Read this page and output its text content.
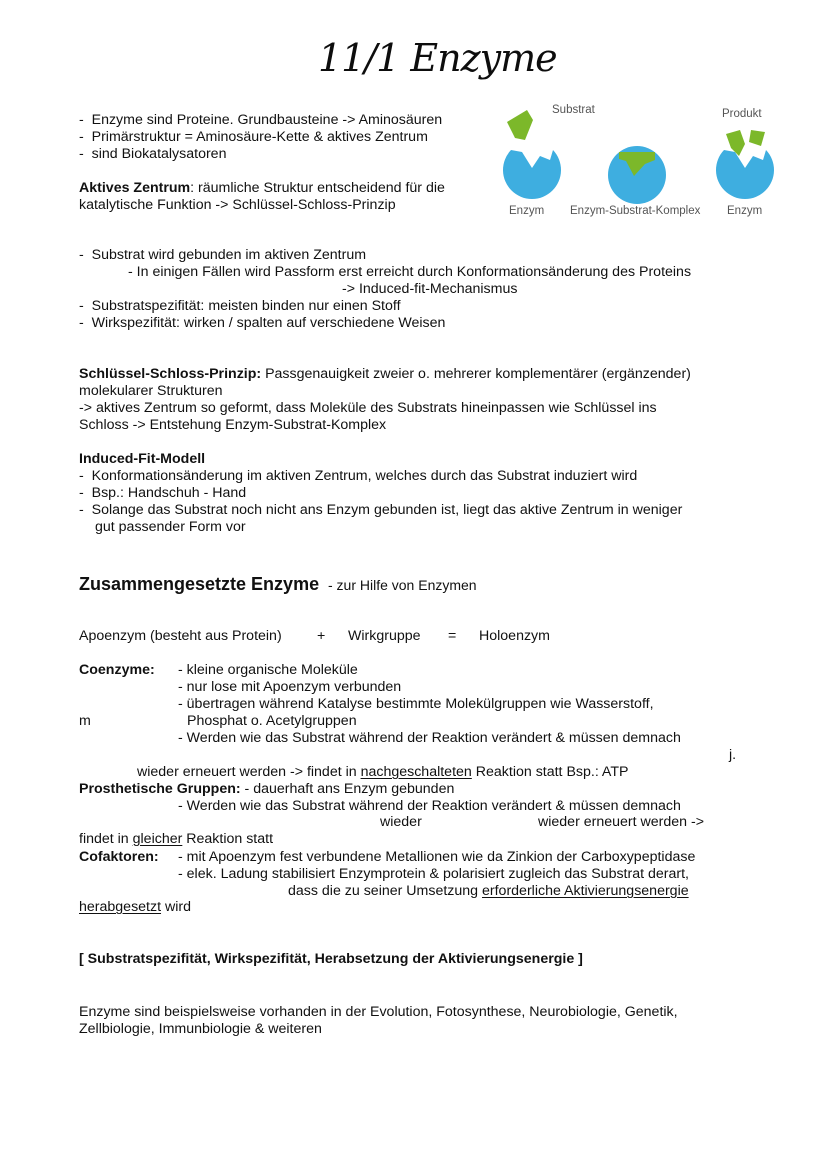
11/1 Enzyme
-  Enzyme sind Proteine. Grundbausteine -> Aminosäuren
-  Primärstruktur = Aminosäure-Kette & aktives Zentrum
-  sind Biokatalysatoren
Aktives Zentrum: räumliche Struktur entscheidend für die
katalytische Funktion -> Schlüssel-Schloss-Prinzip
Substrat	Produkt
Enzym Enzym-Substrat-Komplex Enzym
-  Substrat wird gebunden im aktiven Zentrum
- In einigen Fällen wird Passform erst erreicht durch Konformationsänderung des Proteins
-> Induced-fit-Mechanismus
-  Substratspezifität: meisten binden nur einen Stoff
-  Wirkspezifität: wirken / spalten auf verschiedene Weisen
Schlüssel-Schloss-Prinzip: Passgenauigkeit zweier o. mehrerer komplementärer (ergänzender)
molekularer Strukturen
-> aktives Zentrum so geformt, dass Moleküle des Substrats hineinpassen wie Schlüssel ins
Schloss -> Entstehung Enzym-Substrat-Komplex
Induced-Fit-Modell
-  Konformationsänderung im aktiven Zentrum, welches durch das Substrat induziert wird
-  Bsp.: Handschuh - Hand
-  Solange das Substrat noch nicht ans Enzym gebunden ist, liegt das aktive Zentrum in weniger
gut passender Form vor
Zusammengesetzte Enzyme - zur Hilfe von Enzymen
Apoenzym (besteht aus Protein) + Wirkgruppe = Holoenzym
Coenzyme: - kleine organische Moleküle
- nur lose mit Apoenzym verbunden
- übertragen während Katalyse bestimmte Molekülgruppen wie Wasserstoff,
m	Phosphat o. Acetylgruppen
- Werden wie das Substrat während der Reaktion verändert & müssen demnach
j.
wieder erneuert werden -> findet in nachgeschalteten Reaktion statt Bsp.: ATP
Prosthetische Gruppen: - dauerhaft ans Enzym gebunden
- Werden wie das Substrat während der Reaktion verändert & müssen demnach
wieder	wieder erneuert werden ->
findet in gleicher Reaktion statt
Cofaktoren: - mit Apoenzym fest verbundene Metallionen wie da Zinkion der Carboxypeptidase
- elek. Ladung stabilisiert Enzymprotein & polarisiert zugleich das Substrat derart,
dass die zu seiner Umsetzung erforderliche Aktivierungsenergie
herabgesetzt wird
[ Substratspezifität, Wirkspezifität, Herabsetzung der Aktivierungsenergie ]
Enzyme sind beispielsweise vorhanden in der Evolution, Fotosynthese, Neurobiologie, Genetik,
Zellbiologie, Immunbiologie & weiteren
